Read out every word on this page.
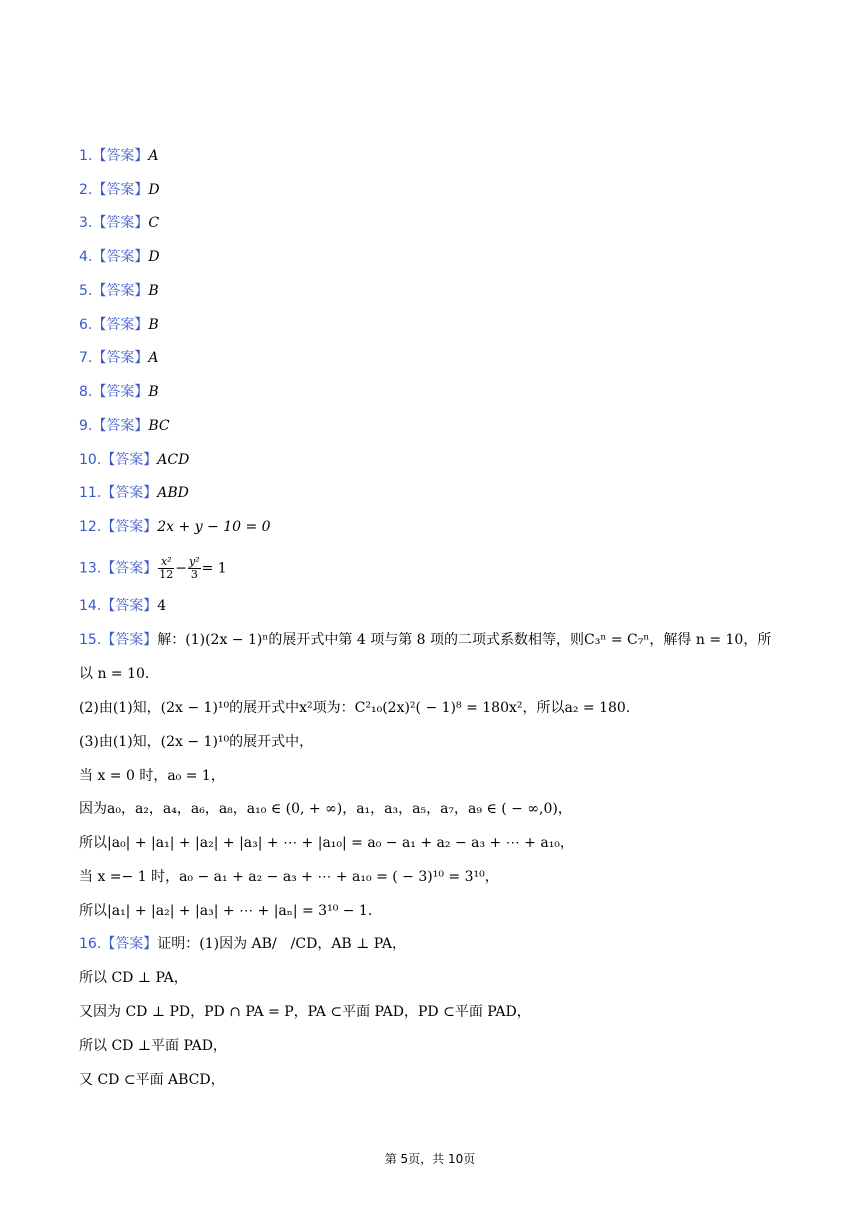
1.【答案】A
2.【答案】D
3.【答案】C
4.【答案】D
5.【答案】B
6.【答案】B
7.【答案】A
8.【答案】B
9.【答案】BC
10.【答案】ACD
11.【答案】ABD
12.【答案】2x + y − 10 = 0
13.【答案】 $\frac{\text{x²}}{12} - \frac{\text{y²}}{3} = 1$
14.【答案】4
15.【答案】解：(1)(2x − 1)ⁿ的展开式中第 4 项与第 8 项的二项式系数相等，则C₃ⁿ = C₇ⁿ，解得 n = 10，所
以 n = 10.
(2)由(1)知，(2x − 1)¹⁰的展开式中x²项为：C²₁₀(2x)²( − 1)⁸ = 180x²，所以a₂ = 180.
(3)由(1)知，(2x − 1)¹⁰的展开式中，
当 x = 0 时，a₀ = 1，
因为a₀，a₂，a₄，a₆，a₈，a₁₀ ∈ (0, + ∞)，a₁，a₃，a₅，a₇，a₉ ∈ ( − ∞,0)，
所以|a₀| + |a₁| + |a₂| + |a₃| + ⋯ + |a₁₀| = a₀ − a₁ + a₂ − a₃ + ⋯ + a₁₀，
当 x =− 1 时，a₀ − a₁ + a₂ − a₃ + ⋯ + a₁₀ = ( − 3)¹⁰ = 3¹⁰，
所以|a₁| + |a₂| + |a₃| + ⋯ + |aₙ| = 3¹⁰ − 1.
16.【答案】证明：(1)因为 AB/　/CD，AB ⊥ PA，
所以 CD ⊥ PA，
又因为 CD ⊥ PD，PD ∩ PA = P，PA ⊂平面 PAD，PD ⊂平面 PAD，
所以 CD ⊥平面 PAD，
又 CD ⊂平面 ABCD，
第 5页，共 10页
